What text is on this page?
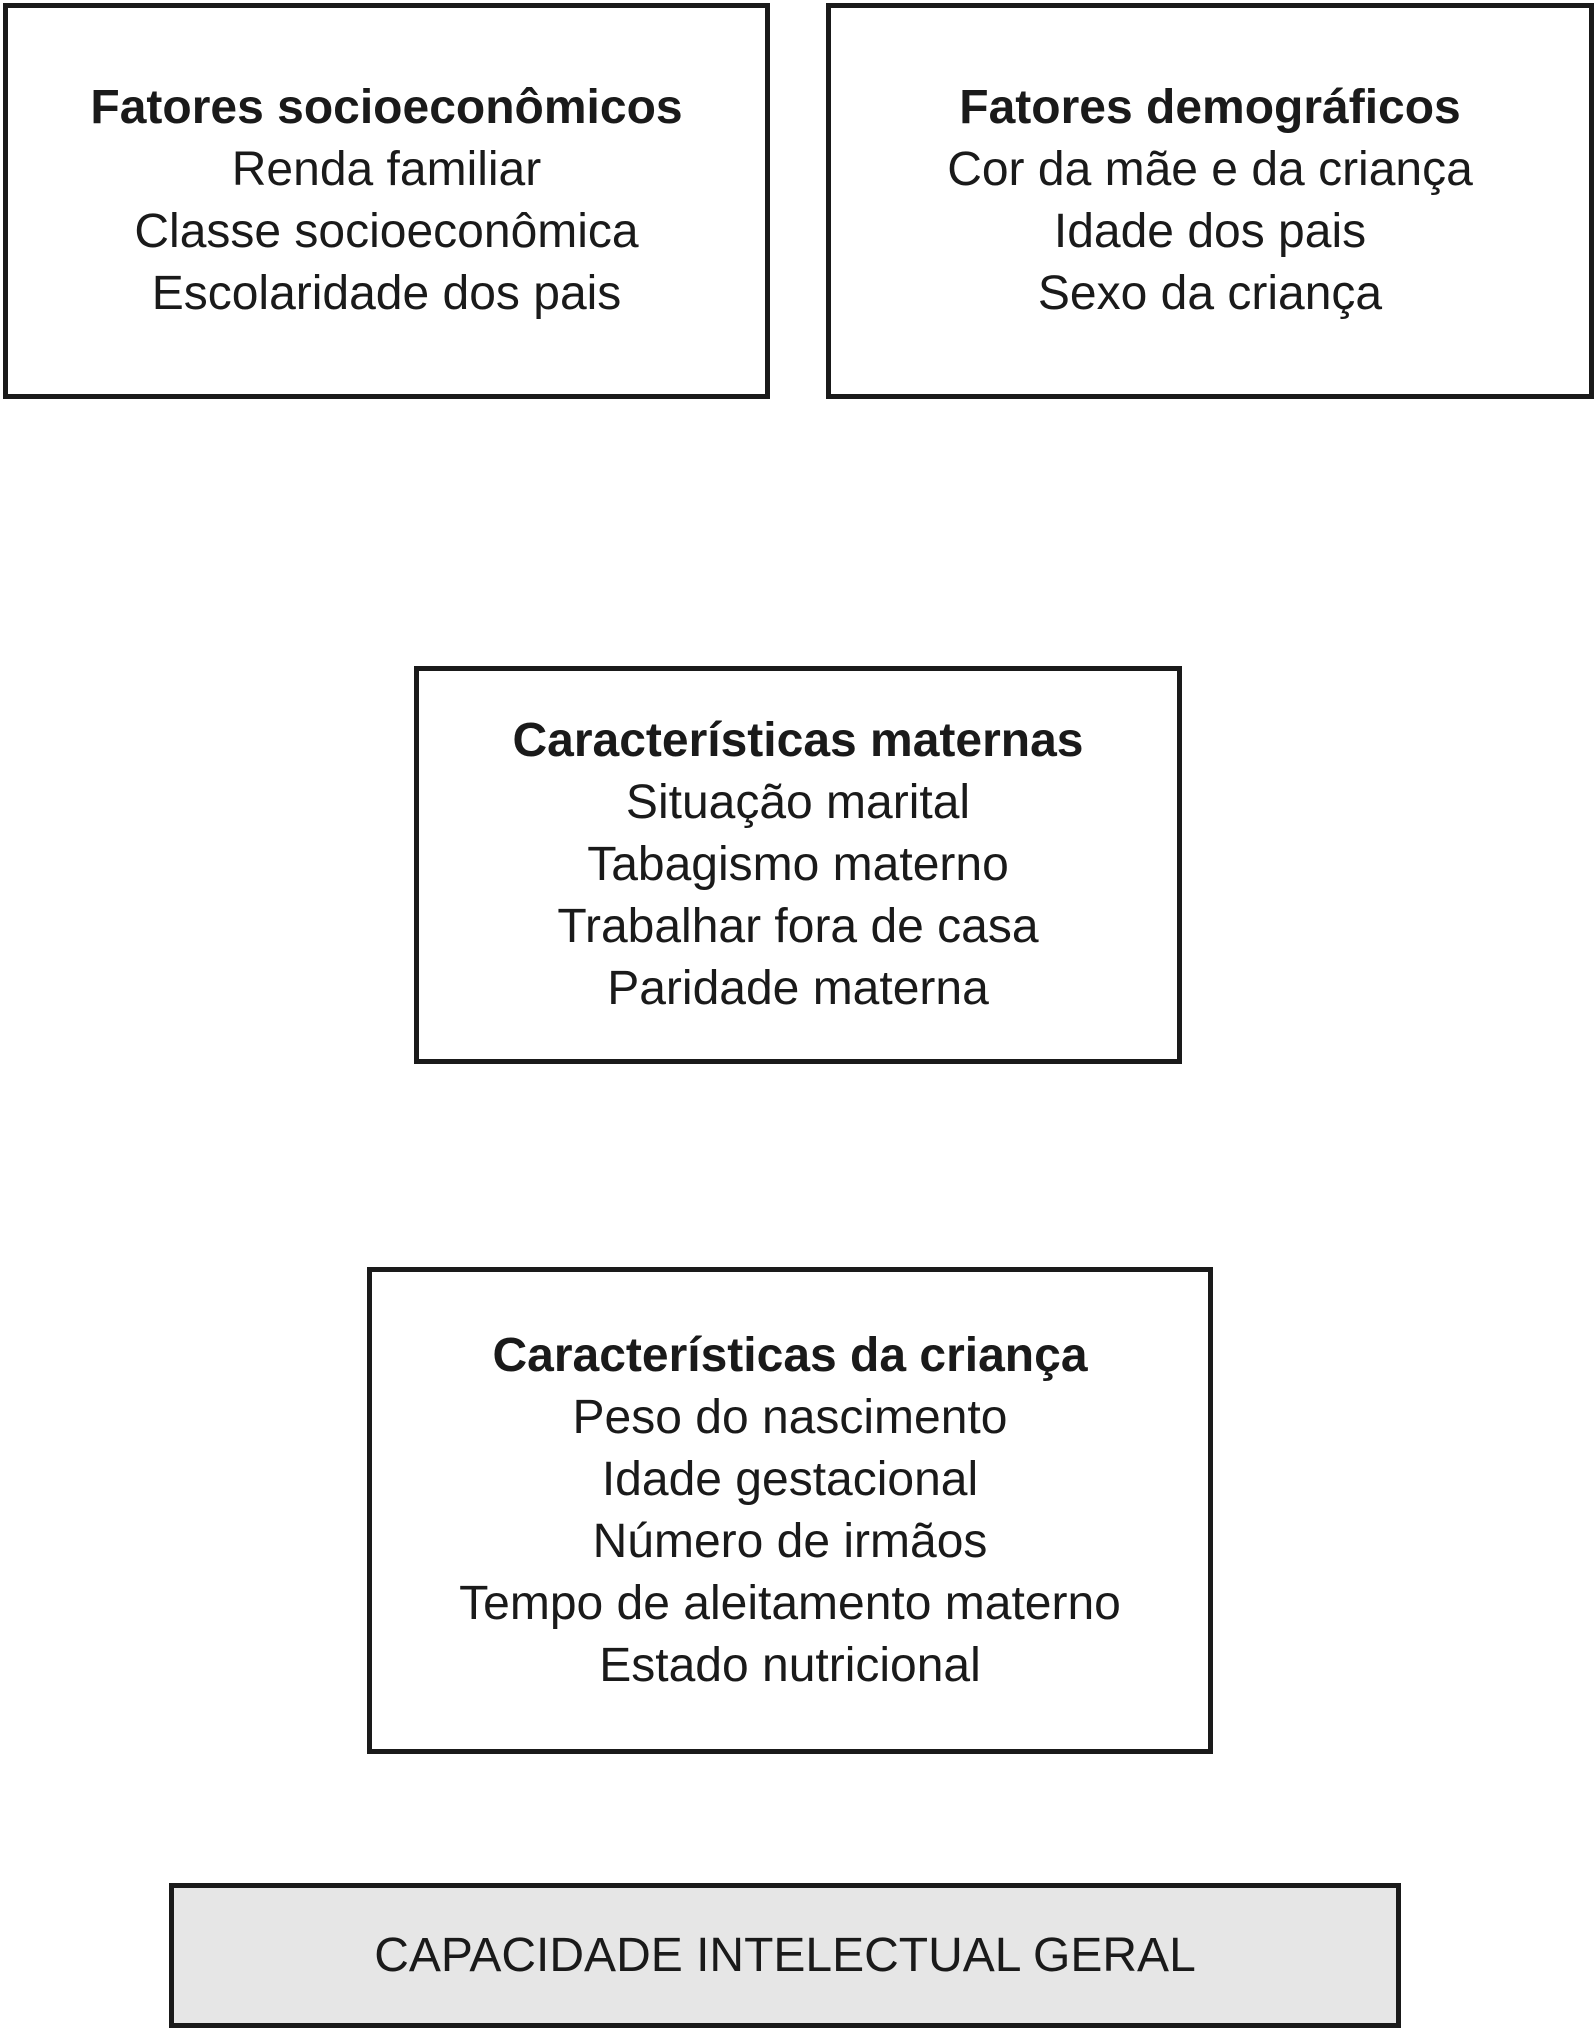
Fatores socioeconômicos
Renda familiar
Classe socioeconômica
Escolaridade dos pais
Fatores demográficos
Cor da mãe e da criança
Idade dos pais
Sexo da criança
Características maternas
Situação marital
Tabagismo materno
Trabalhar fora de casa
Paridade materna
Características da criança
Peso do nascimento
Idade gestacional
Número de irmãos
Tempo de aleitamento materno
Estado nutricional
CAPACIDADE INTELECTUAL GERAL
